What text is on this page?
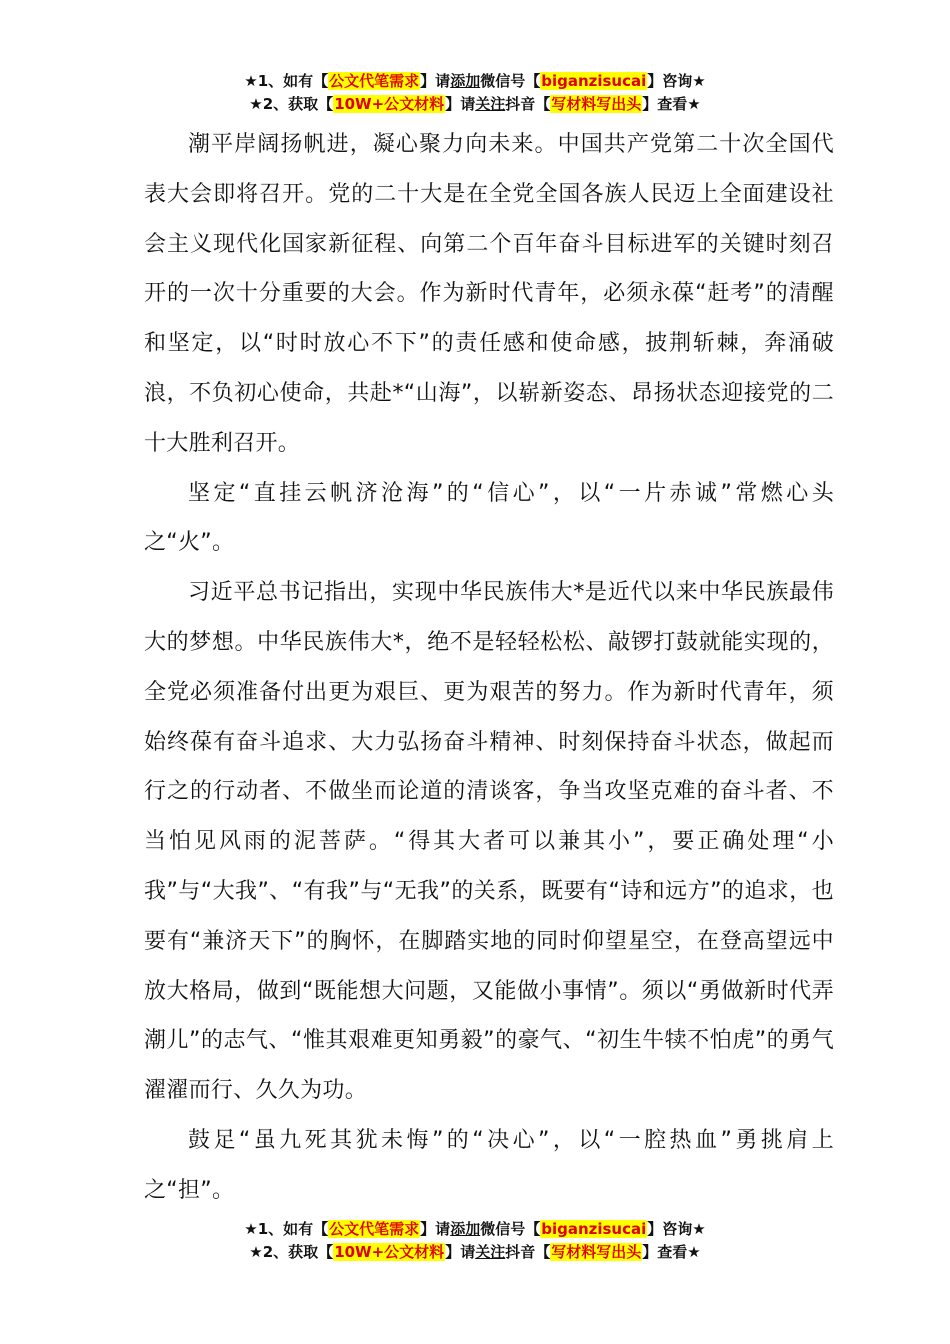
★1、如有【公文代笔需求】请添加微信号【biganzisucai】咨询★
★2、获取【10W+公文材料】请关注抖音【写材料写出头】查看★

潮平岸阔扬帆进，凝心聚力向未来。中国共产党第二十次全国代表大会即将召开。党的二十大是在全党全国各族人民迈上全面建设社会主义现代化国家新征程、向第二个百年奋斗目标进军的关键时刻召开的一次十分重要的大会。作为新时代青年，必须永葆“赶考”的清醒和坚定，以“时时放心不下”的责任感和使命感，披荆斩棘，奔涌破浪，不负初心使命，共赴*“山海”，以崭新姿态、昂扬状态迎接党的二十大胜利召开。

坚定“直挂云帆济沧海”的“信心”，以“一片赤诚”常燃心头之“火”。

习近平总书记指出，实现中华民族伟大*是近代以来中华民族最伟大的梦想。中华民族伟大*，绝不是轻轻松松、敲锣打鼓就能实现的，全党必须准备付出更为艰巨、更为艰苦的努力。作为新时代青年，须始终葆有奋斗追求、大力弘扬奋斗精神、时刻保持奋斗状态，做起而行之的行动者、不做坐而论道的清谈客，争当攻坚克难的奋斗者、不当怕见风雨的泥菩萨。“得其大者可以兼其小”，要正确处理“小我”与“大我”、“有我”与“无我”的关系，既要有“诗和远方”的追求，也要有“兼济天下”的胸怀，在脚踏实地的同时仰望星空，在登高望远中放大格局，做到“既能想大问题，又能做小事情”。须以“勇做新时代弄潮儿”的志气、“惟其艰难更知勇毅”的豪气、“初生牛犊不怕虎”的勇气濯濯而行、久久为功。

鼓足“虽九死其犹未悔”的“决心”，以“一腔热血”勇挑肩上之“担”。

★1、如有【公文代笔需求】请添加微信号【biganzisucai】咨询★
★2、获取【10W+公文材料】请关注抖音【写材料写出头】查看★
